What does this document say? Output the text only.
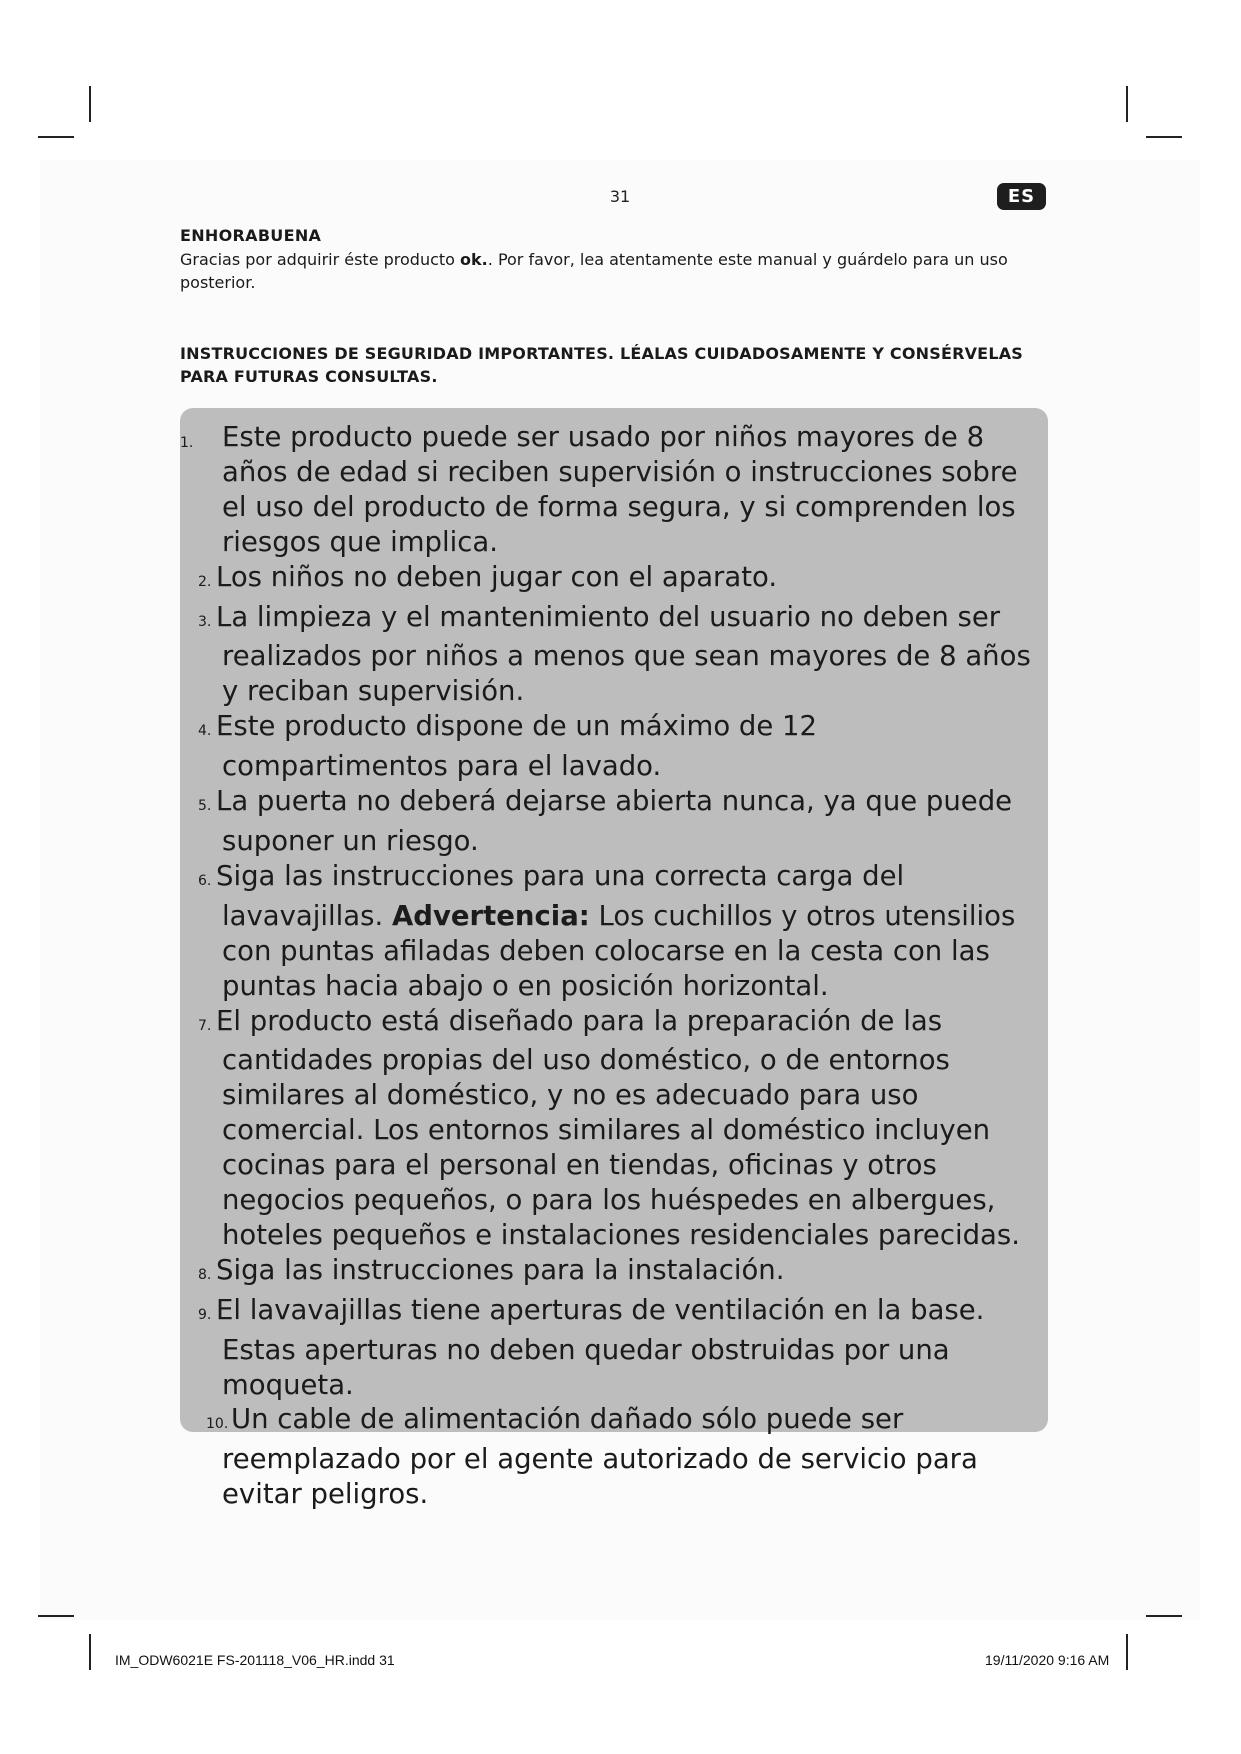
31	ES
ENHORABUENA
Gracias por adquirir éste producto ok.. Por favor, lea atentamente este manual y guárdelo para un uso posterior.
INSTRUCCIONES DE SEGURIDAD IMPORTANTES. LÉALAS CUIDADOSAMENTE Y CONSÉRVELAS PARA FUTURAS CONSULTAS.
1.	Este producto puede ser usado por niños mayores de 8 años de edad si reciben supervisión o instrucciones sobre el uso del producto de forma segura, y si comprenden los riesgos que implica.
2. Los niños no deben jugar con el aparato.
3. La limpieza y el mantenimiento del usuario no deben ser realizados por niños a menos que sean mayores de 8 años y reciban supervisión.
4. Este producto dispone de un máximo de 12 compartimentos para el lavado.
5. La puerta no deberá dejarse abierta nunca, ya que puede suponer un riesgo.
6. Siga las instrucciones para una correcta carga del lavavajillas. Advertencia: Los cuchillos y otros utensilios con puntas afiladas deben colocarse en la cesta con las puntas hacia abajo o en posición horizontal.
7. El producto está diseñado para la preparación de las cantidades propias del uso doméstico, o de entornos similares al doméstico, y no es adecuado para uso comercial. Los entornos similares al doméstico incluyen cocinas para el personal en tiendas, oficinas y otros negocios pequeños, o para los huéspedes en albergues, hoteles pequeños e instalaciones residenciales parecidas.
8. Siga las instrucciones para la instalación.
9. El lavavajillas tiene aperturas de ventilación en la base. Estas aperturas no deben quedar obstruidas por una moqueta.
10.Un cable de alimentación dañado sólo puede ser reemplazado por el agente autorizado de servicio para evitar peligros.
IM_ODW6021E FS-201118_V06_HR.indd 31	19/11/2020 9:16 AM
